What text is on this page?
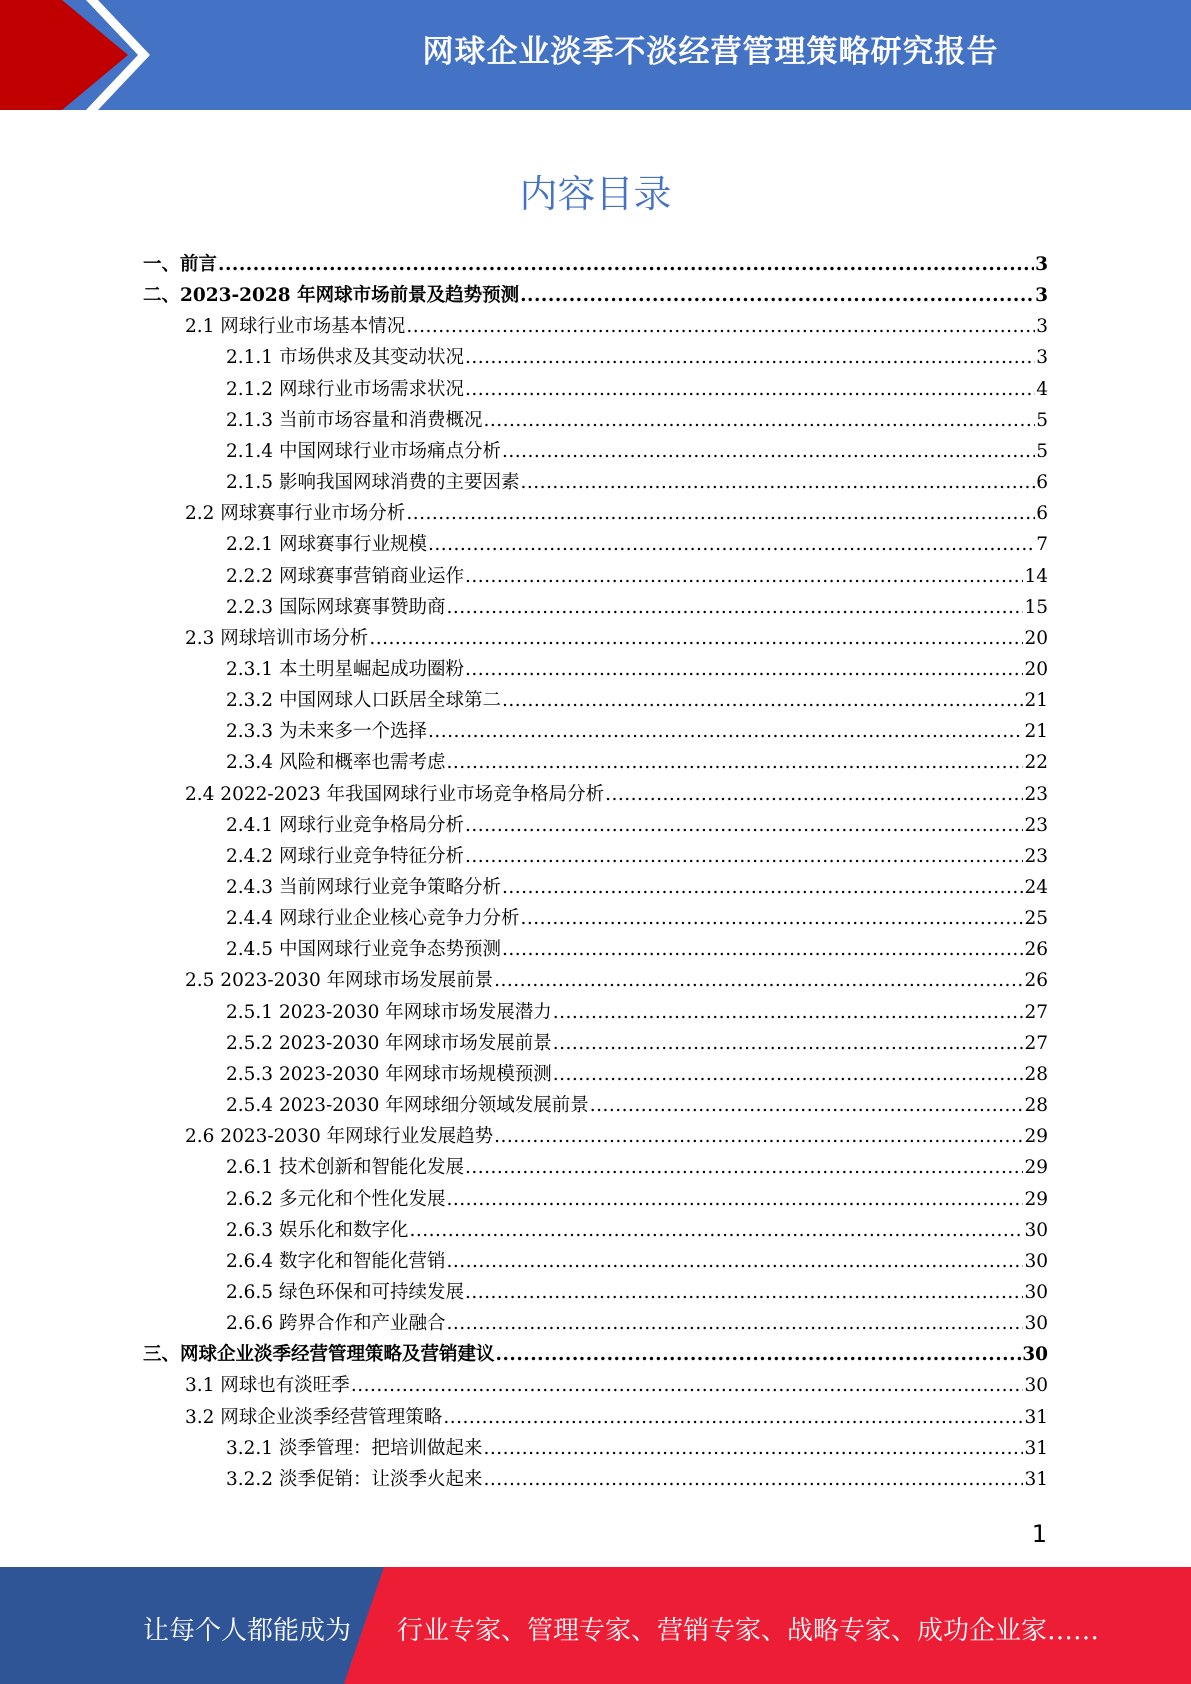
网球企业淡季不淡经营管理策略研究报告
内容目录
一、前言 .....	3
二、2023-2028 年网球市场前景及趋势预测 .....	3
2.1 网球行业市场基本情况 .....	3
2.1.1 市场供求及其变动状况 .....	3
2.1.2 网球行业市场需求状况 .....	4
2.1.3 当前市场容量和消费概况 .....	5
2.1.4 中国网球行业市场痛点分析 .....	5
2.1.5 影响我国网球消费的主要因素 .....	6
2.2 网球赛事行业市场分析 .....	6
2.2.1 网球赛事行业规模 .....	7
2.2.2 网球赛事营销商业运作 .....	14
2.2.3 国际网球赛事赞助商 .....	15
2.3 网球培训市场分析 .....	20
2.3.1 本土明星崛起成功圈粉 .....	20
2.3.2 中国网球人口跃居全球第二 .....	21
2.3.3 为未来多一个选择 .....	21
2.3.4 风险和概率也需考虑 .....	22
2.4 2022-2023 年我国网球行业市场竞争格局分析 .....	23
2.4.1 网球行业竞争格局分析 .....	23
2.4.2 网球行业竞争特征分析 .....	23
2.4.3 当前网球行业竞争策略分析 .....	24
2.4.4 网球行业企业核心竞争力分析 .....	25
2.4.5 中国网球行业竞争态势预测 .....	26
2.5 2023-2030 年网球市场发展前景 .....	26
2.5.1 2023-2030 年网球市场发展潜力 .....	27
2.5.2 2023-2030 年网球市场发展前景 .....	27
2.5.3 2023-2030 年网球市场规模预测 .....	28
2.5.4 2023-2030 年网球细分领域发展前景 .....	28
2.6 2023-2030 年网球行业发展趋势 .....	29
2.6.1 技术创新和智能化发展 .....	29
2.6.2 多元化和个性化发展 .....	29
2.6.3 娱乐化和数字化 .....	30
2.6.4 数字化和智能化营销 .....	30
2.6.5 绿色环保和可持续发展 .....	30
2.6.6 跨界合作和产业融合 .....	30
三、网球企业淡季经营管理策略及营销建议 .....	30
3.1 网球也有淡旺季 .....	30
3.2 网球企业淡季经营管理策略 .....	31
3.2.1 淡季管理：把培训做起来 .....	31
3.2.2 淡季促销：让淡季火起来 .....	31
1
让每个人都能成为 行业专家、管理专家、营销专家、战略专家、成功企业家……
